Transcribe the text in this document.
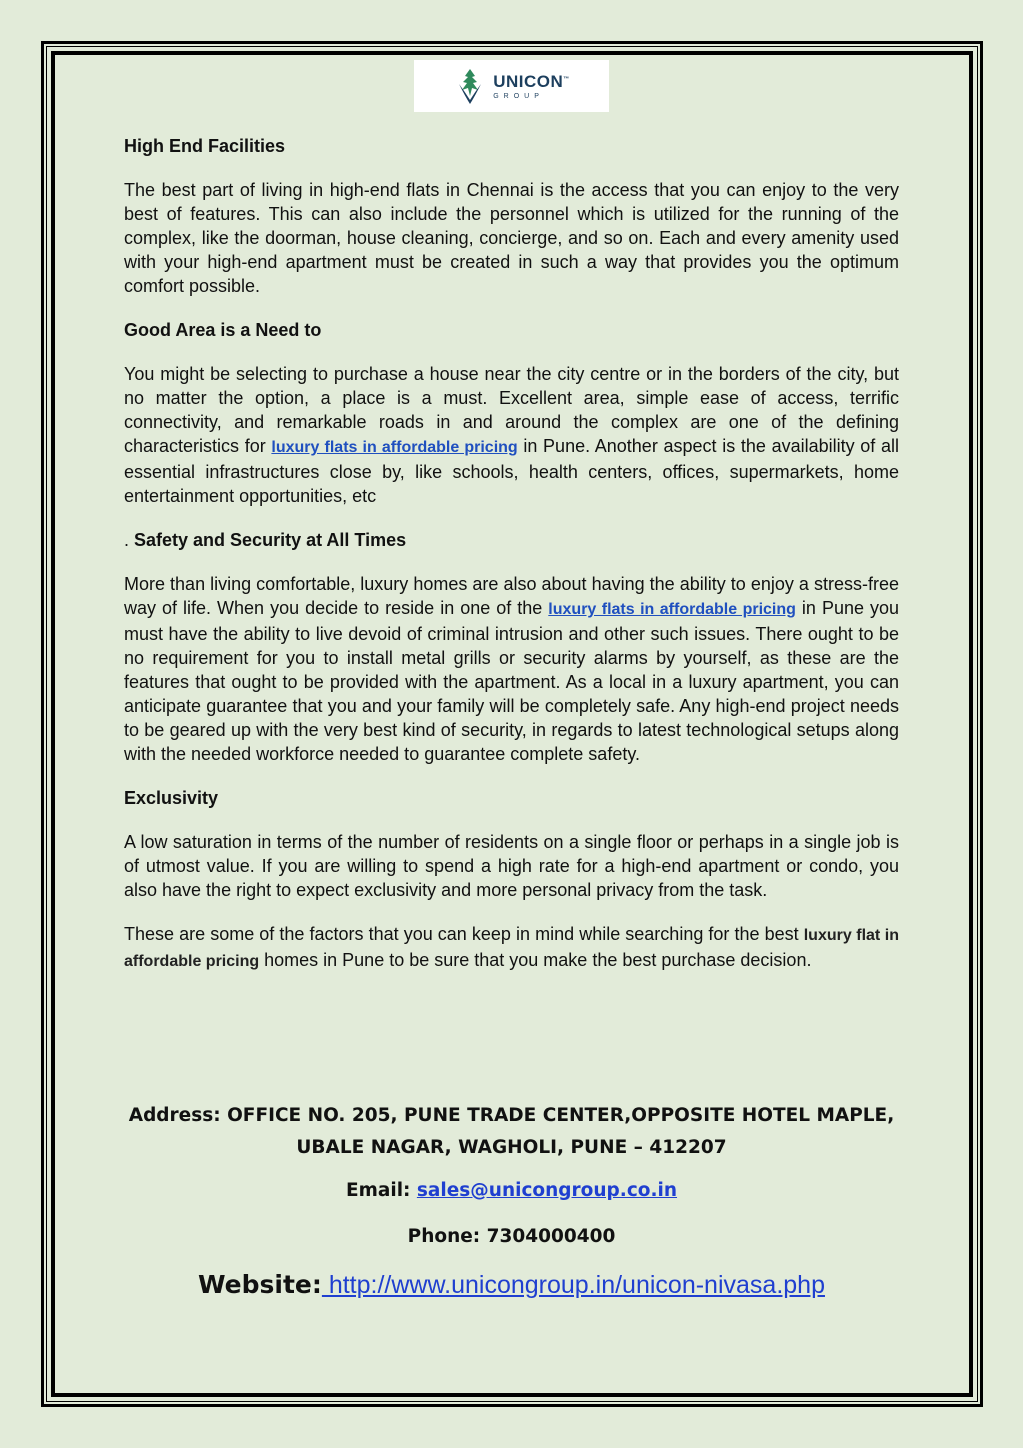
UNICON™
GROUP
High End Facilities

The best part of living in high-end flats in Chennai is the access that you can enjoy to the very best of features. This can also include the personnel which is utilized for the running of the complex, like the doorman, house cleaning, concierge, and so on. Each and every amenity used with your high-end apartment must be created in such a way that provides you the optimum comfort possible.

Good Area is a Need to

You might be selecting to purchase a house near the city centre or in the borders of the city, but no matter the option, a place is a must. Excellent area, simple ease of access, terrific connectivity, and remarkable roads in and around the complex are one of the defining characteristics for luxury flats in affordable pricing in Pune. Another aspect is the availability of all essential infrastructures close by, like schools, health centers, offices, supermarkets, home entertainment opportunities, etc

. Safety and Security at All Times

More than living comfortable, luxury homes are also about having the ability to enjoy a stress-free way of life. When you decide to reside in one of the luxury flats in affordable pricing in Pune you must have the ability to live devoid of criminal intrusion and other such issues. There ought to be no requirement for you to install metal grills or security alarms by yourself, as these are the features that ought to be provided with the apartment. As a local in a luxury apartment, you can anticipate guarantee that you and your family will be completely safe. Any high-end project needs to be geared up with the very best kind of security, in regards to latest technological setups along with the needed workforce needed to guarantee complete safety.

Exclusivity

A low saturation in terms of the number of residents on a single floor or perhaps in a single job is of utmost value. If you are willing to spend a high rate for a high-end apartment or condo, you also have the right to expect exclusivity and more personal privacy from the task.

These are some of the factors that you can keep in mind while searching for the best luxury flat in affordable pricing homes in Pune to be sure that you make the best purchase decision.

Address: OFFICE NO. 205, PUNE TRADE CENTER,OPPOSITE HOTEL MAPLE,
UBALE NAGAR, WAGHOLI, PUNE – 412207
Email: sales@unicongroup.co.in
Phone: 7304000400
Website: http://www.unicongroup.in/unicon-nivasa.php
